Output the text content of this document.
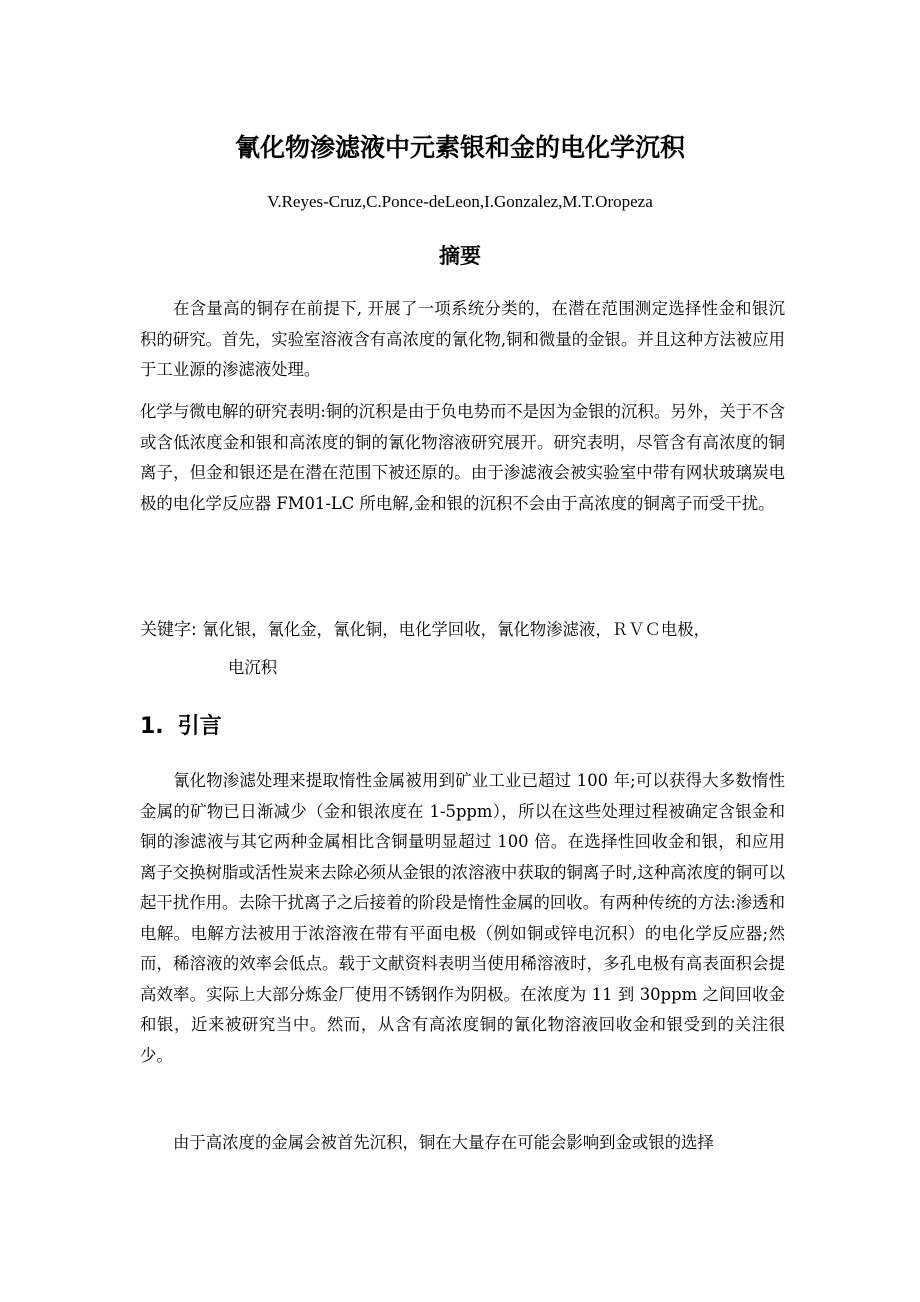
氰化物渗滤液中元素银和金的电化学沉积
V.Reyes-Cruz,C.Ponce-deLeon,I.Gonzalez,M.T.Oropeza
摘要

在含量高的铜存在前提下, 开展了一项系统分类的，在潜在范围测定选择性金和银沉积的研究。首先，实验室溶液含有高浓度的氰化物,铜和微量的金银。并且这种方法被应用于工业源的渗滤液处理。

化学与微电解的研究表明:铜的沉积是由于负电势而不是因为金银的沉积。另外，关于不含或含低浓度金和银和高浓度的铜的氰化物溶液研究展开。研究表明，尽管含有高浓度的铜离子，但金和银还是在潜在范围下被还原的。由于渗滤液会被实验室中带有网状玻璃炭电极的电化学反应器 FM01-LC 所电解,金和银的沉积不会由于高浓度的铜离子而受干扰。

关键字: 氰化银，氰化金，氰化铜，电化学回收，氰化物渗滤液，ＲＶＣ电极，
电沉积
1. 引言

氰化物渗滤处理来提取惰性金属被用到矿业工业已超过 100 年;可以获得大多数惰性金属的矿物已日渐减少（金和银浓度在 1-5ppm），所以在这些处理过程被确定含银金和铜的渗滤液与其它两种金属相比含铜量明显超过 100 倍。在选择性回收金和银，和应用离子交换树脂或活性炭来去除必须从金银的浓溶液中获取的铜离子时,这种高浓度的铜可以起干扰作用。去除干扰离子之后接着的阶段是惰性金属的回收。有两种传统的方法:渗透和电解。电解方法被用于浓溶液在带有平面电极（例如铜或锌电沉积）的电化学反应器;然而，稀溶液的效率会低点。载于文献资料表明当使用稀溶液时，多孔电极有高表面积会提高效率。实际上大部分炼金厂使用不锈钢作为阴极。在浓度为 11 到 30ppm 之间回收金和银，近来被研究当中。然而，从含有高浓度铜的氰化物溶液回收金和银受到的关注很少。

由于高浓度的金属会被首先沉积，铜在大量存在可能会影响到金或银的选择
